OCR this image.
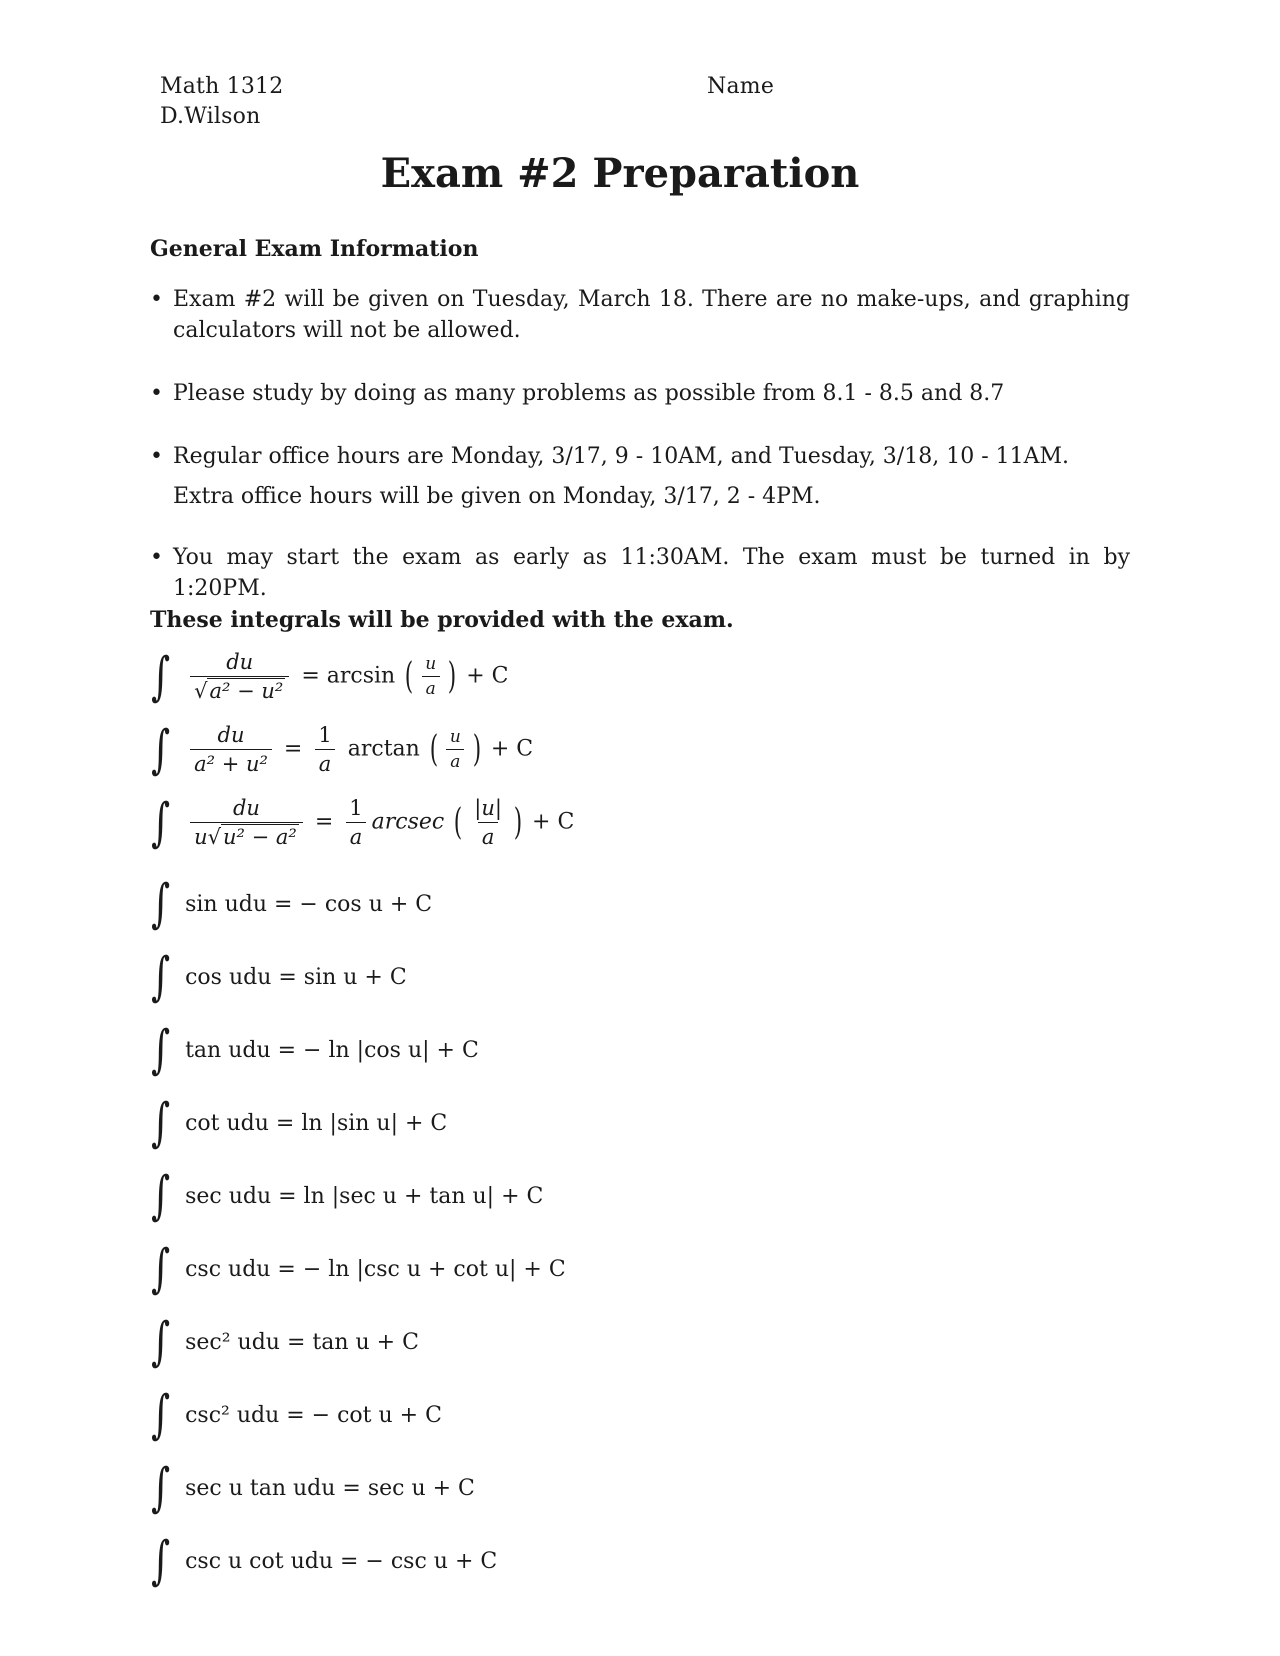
Math 1312
D.Wilson
Name
Exam #2 Preparation
General Exam Information
• Exam #2 will be given on Tuesday, March 18. There are no make-ups, and graphing calculators will not be allowed.
• Please study by doing as many problems as possible from 8.1 - 8.5 and 8.7
• Regular office hours are Monday, 3/17, 9 - 10AM, and Tuesday, 3/18, 10 - 11AM.
Extra office hours will be given on Monday, 3/17, 2 - 4PM.
• You may start the exam as early as 11:30AM. The exam must be turned in by 1:20PM.
These integrals will be provided with the exam.
∫ $\frac{du}{\text{√a² − u²}} = \arcsin$ ( $\frac{u}{a}$ ) + C
∫ $\frac{du}{\text{a² + u²}} = \frac{1}{a}$ arctan ( $\frac{u}{a}$ ) + C
∫ $\frac{du}{\text{u√u² − a²}} = \frac{1}{a}$ arcsec ( $\frac{|u|}{a}$ ) + C
∫ sin udu = − cos u + C
∫ cos udu = sin u + C
∫ tan udu = − ln |cos u| + C
∫ cot udu = ln |sin u| + C
∫ sec udu = ln |sec u + tan u| + C
∫ csc udu = − ln |csc u + cot u| + C
∫ sec² udu = tan u + C
∫ csc² udu = − cot u + C
∫ sec u tan udu = sec u + C
∫ csc u cot udu = − csc u + C
